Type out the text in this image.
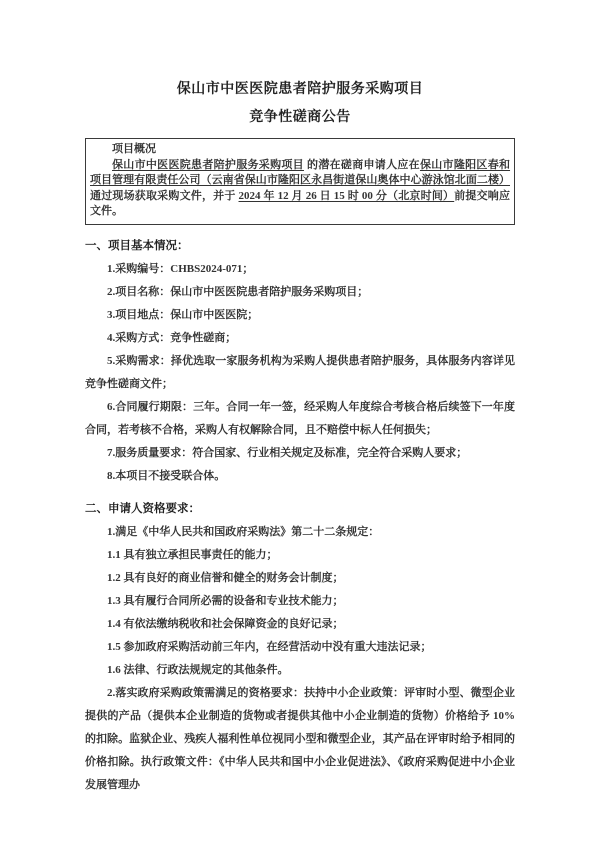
保山市中医医院患者陪护服务采购项目
竞争性磋商公告

项目概况

保山市中医医院患者陪护服务采购项目 的潜在磋商申请人应在保山市隆阳区春和项目管理有限责任公司（云南省保山市隆阳区永昌街道保山奥体中心游泳馆北面二楼）通过现场获取采购文件，并于 2024 年 12 月 26 日 15 时 00 分（北京时间）前提交响应文件。

一、项目基本情况：

1.采购编号：CHBS2024-071；

2.项目名称：保山市中医医院患者陪护服务采购项目；

3.项目地点：保山市中医医院；

4.采购方式：竞争性磋商；

5.采购需求：择优选取一家服务机构为采购人提供患者陪护服务，具体服务内容详见竞争性磋商文件；

6.合同履行期限：三年。合同一年一签，经采购人年度综合考核合格后续签下一年度合同，若考核不合格，采购人有权解除合同，且不赔偿中标人任何损失；

7.服务质量要求：符合国家、行业相关规定及标准，完全符合采购人要求；

8.本项目不接受联合体。

二、申请人资格要求：

1.满足《中华人民共和国政府采购法》第二十二条规定：

1.1 具有独立承担民事责任的能力；

1.2 具有良好的商业信誉和健全的财务会计制度；

1.3 具有履行合同所必需的设备和专业技术能力；

1.4 有依法缴纳税收和社会保障资金的良好记录；

1.5 参加政府采购活动前三年内，在经营活动中没有重大违法记录；

1.6 法律、行政法规规定的其他条件。

2.落实政府采购政策需满足的资格要求：扶持中小企业政策：评审时小型、微型企业提供的产品（提供本企业制造的货物或者提供其他中小企业制造的货物）价格给予 10%的扣除。监狱企业、残疾人福利性单位视同小型和微型企业，其产品在评审时给予相同的价格扣除。执行政策文件：《中华人民共和国中小企业促进法》、《政府采购促进中小企业发展管理办
